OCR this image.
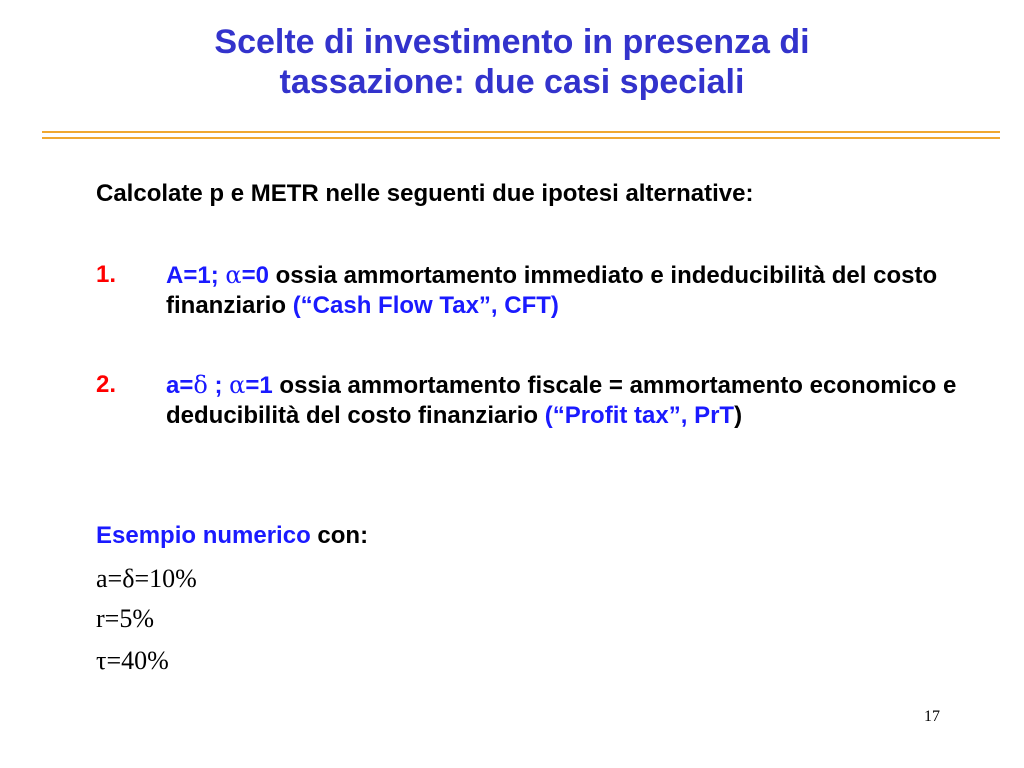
Scelte di investimento in presenza di
tassazione: due casi speciali
Calcolate p e METR nelle seguenti due ipotesi alternative:
1. A=1; α=0 ossia ammortamento immediato e indeducibilità del costo finanziario (“Cash Flow Tax”, CFT)
2. a=δ ; α=1 ossia ammortamento fiscale = ammortamento economico e deducibilità del costo finanziario (“Profit tax”, PrT)
Esempio numerico con:
a=δ=10%
r=5%
τ=40%
17
